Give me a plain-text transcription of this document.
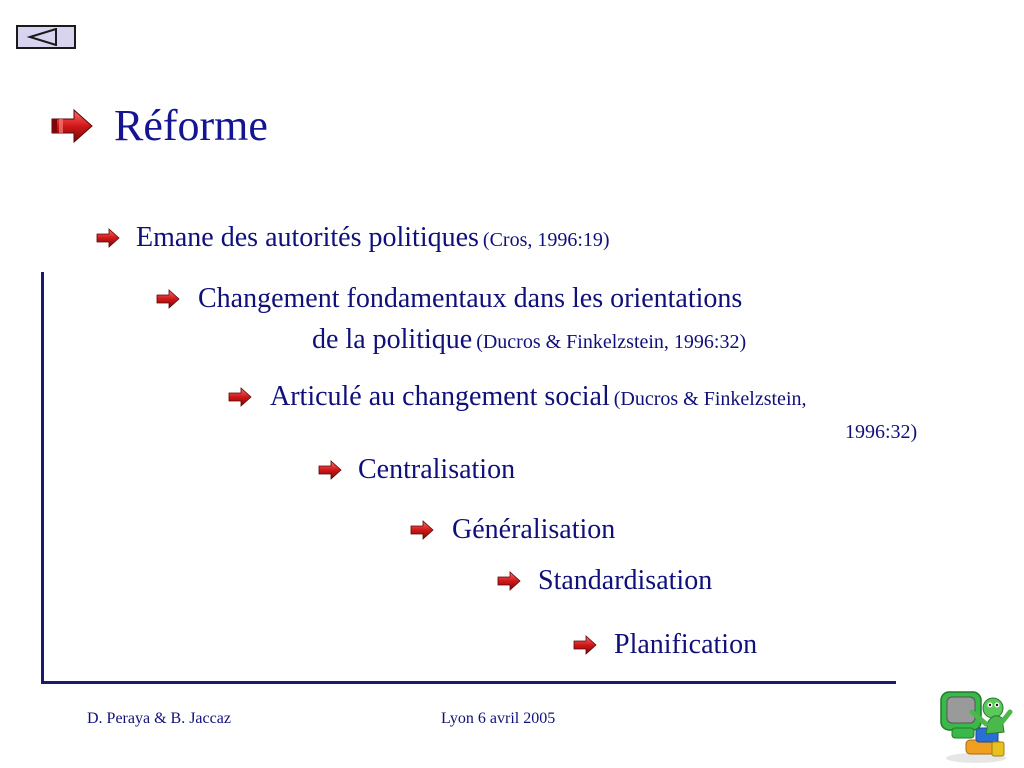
Réforme
Emane des autorités politiques (Cros, 1996:19)
Changement fondamentaux dans les orientations
de la politique (Ducros & Finkelzstein, 1996:32)
Articulé au changement social (Ducros & Finkelzstein,
1996:32)
Centralisation
Généralisation
Standardisation
Planification
D. Peraya & B. Jaccaz	Lyon 6 avril 2005
